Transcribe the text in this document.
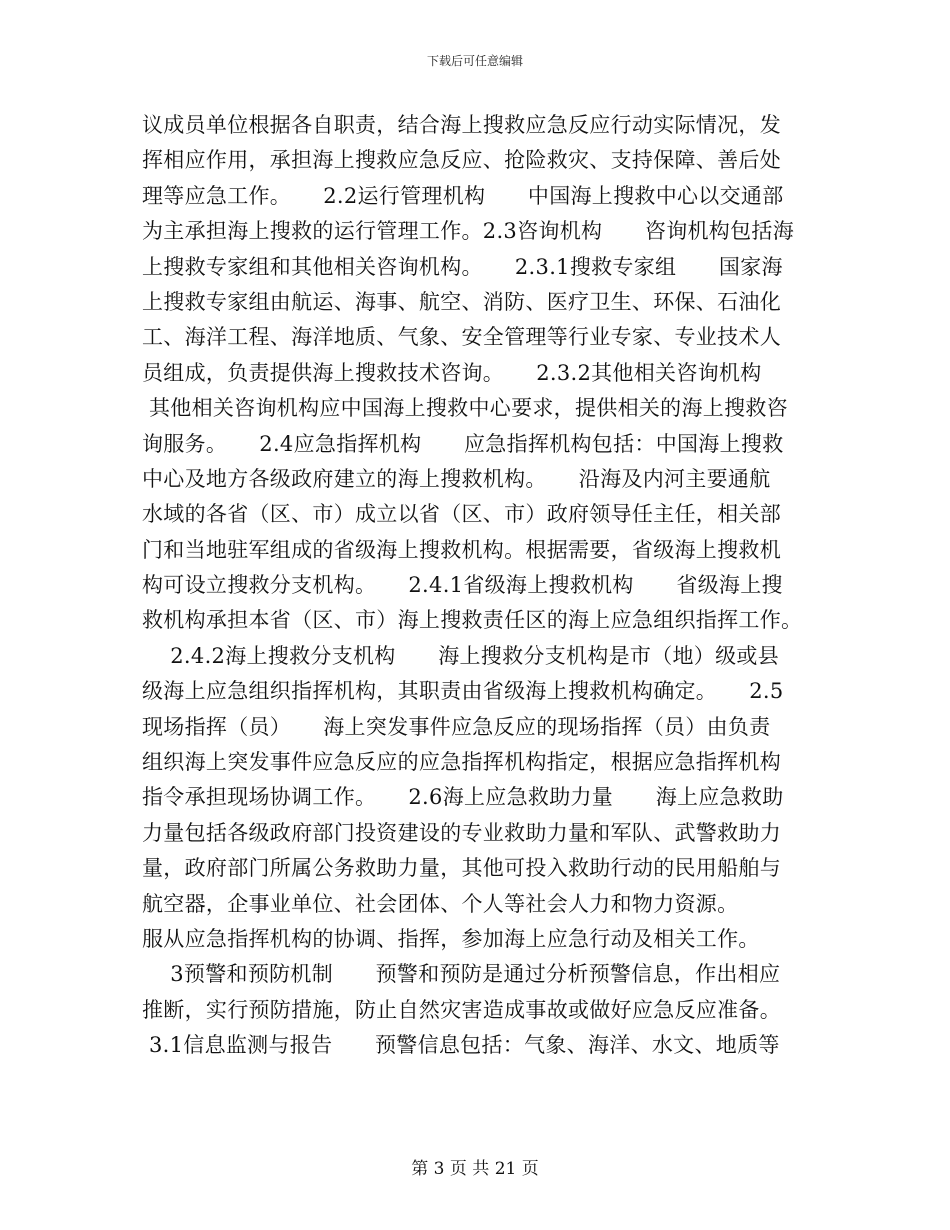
下载后可任意编辑
议成员单位根据各自职责，结合海上搜救应急反应行动实际情况，发
挥相应作用，承担海上搜救应急反应、抢险救灾、支持保障、善后处
理等应急工作。　　2.2运行管理机构　　中国海上搜救中心以交通部
为主承担海上搜救的运行管理工作。2.3咨询机构　　咨询机构包括海
上搜救专家组和其他相关咨询机构。　　2.3.1搜救专家组　　国家海
上搜救专家组由航运、海事、航空、消防、医疗卫生、环保、石油化
工、海洋工程、海洋地质、气象、安全管理等行业专家、专业技术人
员组成，负责提供海上搜救技术咨询。　　2.3.2其他相关咨询机构
其他相关咨询机构应中国海上搜救中心要求，提供相关的海上搜救咨
询服务。　　2.4应急指挥机构　　应急指挥机构包括：中国海上搜救
中心及地方各级政府建立的海上搜救机构。　　沿海及内河主要通航
水域的各省（区、市）成立以省（区、市）政府领导任主任，相关部
门和当地驻军组成的省级海上搜救机构。根据需要，省级海上搜救机
构可设立搜救分支机构。　　2.4.1省级海上搜救机构　　省级海上搜
救机构承担本省（区、市）海上搜救责任区的海上应急组织指挥工作。
　 2.4.2海上搜救分支机构　　海上搜救分支机构是市（地）级或县
级海上应急组织指挥机构，其职责由省级海上搜救机构确定。　　2.5
现场指挥（员）　　海上突发事件应急反应的现场指挥（员）由负责
组织海上突发事件应急反应的应急指挥机构指定，根据应急指挥机构
指令承担现场协调工作。　　2.6海上应急救助力量　　海上应急救助
力量包括各级政府部门投资建设的专业救助力量和军队、武警救助力
量，政府部门所属公务救助力量，其他可投入救助行动的民用船舶与
航空器，企事业单位、社会团体、个人等社会人力和物力资源。
服从应急指挥机构的协调、指挥，参加海上应急行动及相关工作。
　 3预警和预防机制　　预警和预防是通过分析预警信息，作出相应
推断，实行预防措施，防止自然灾害造成事故或做好应急反应准备。
3.1信息监测与报告　　预警信息包括：气象、海洋、水文、地质等
第 3 页 共 21 页
